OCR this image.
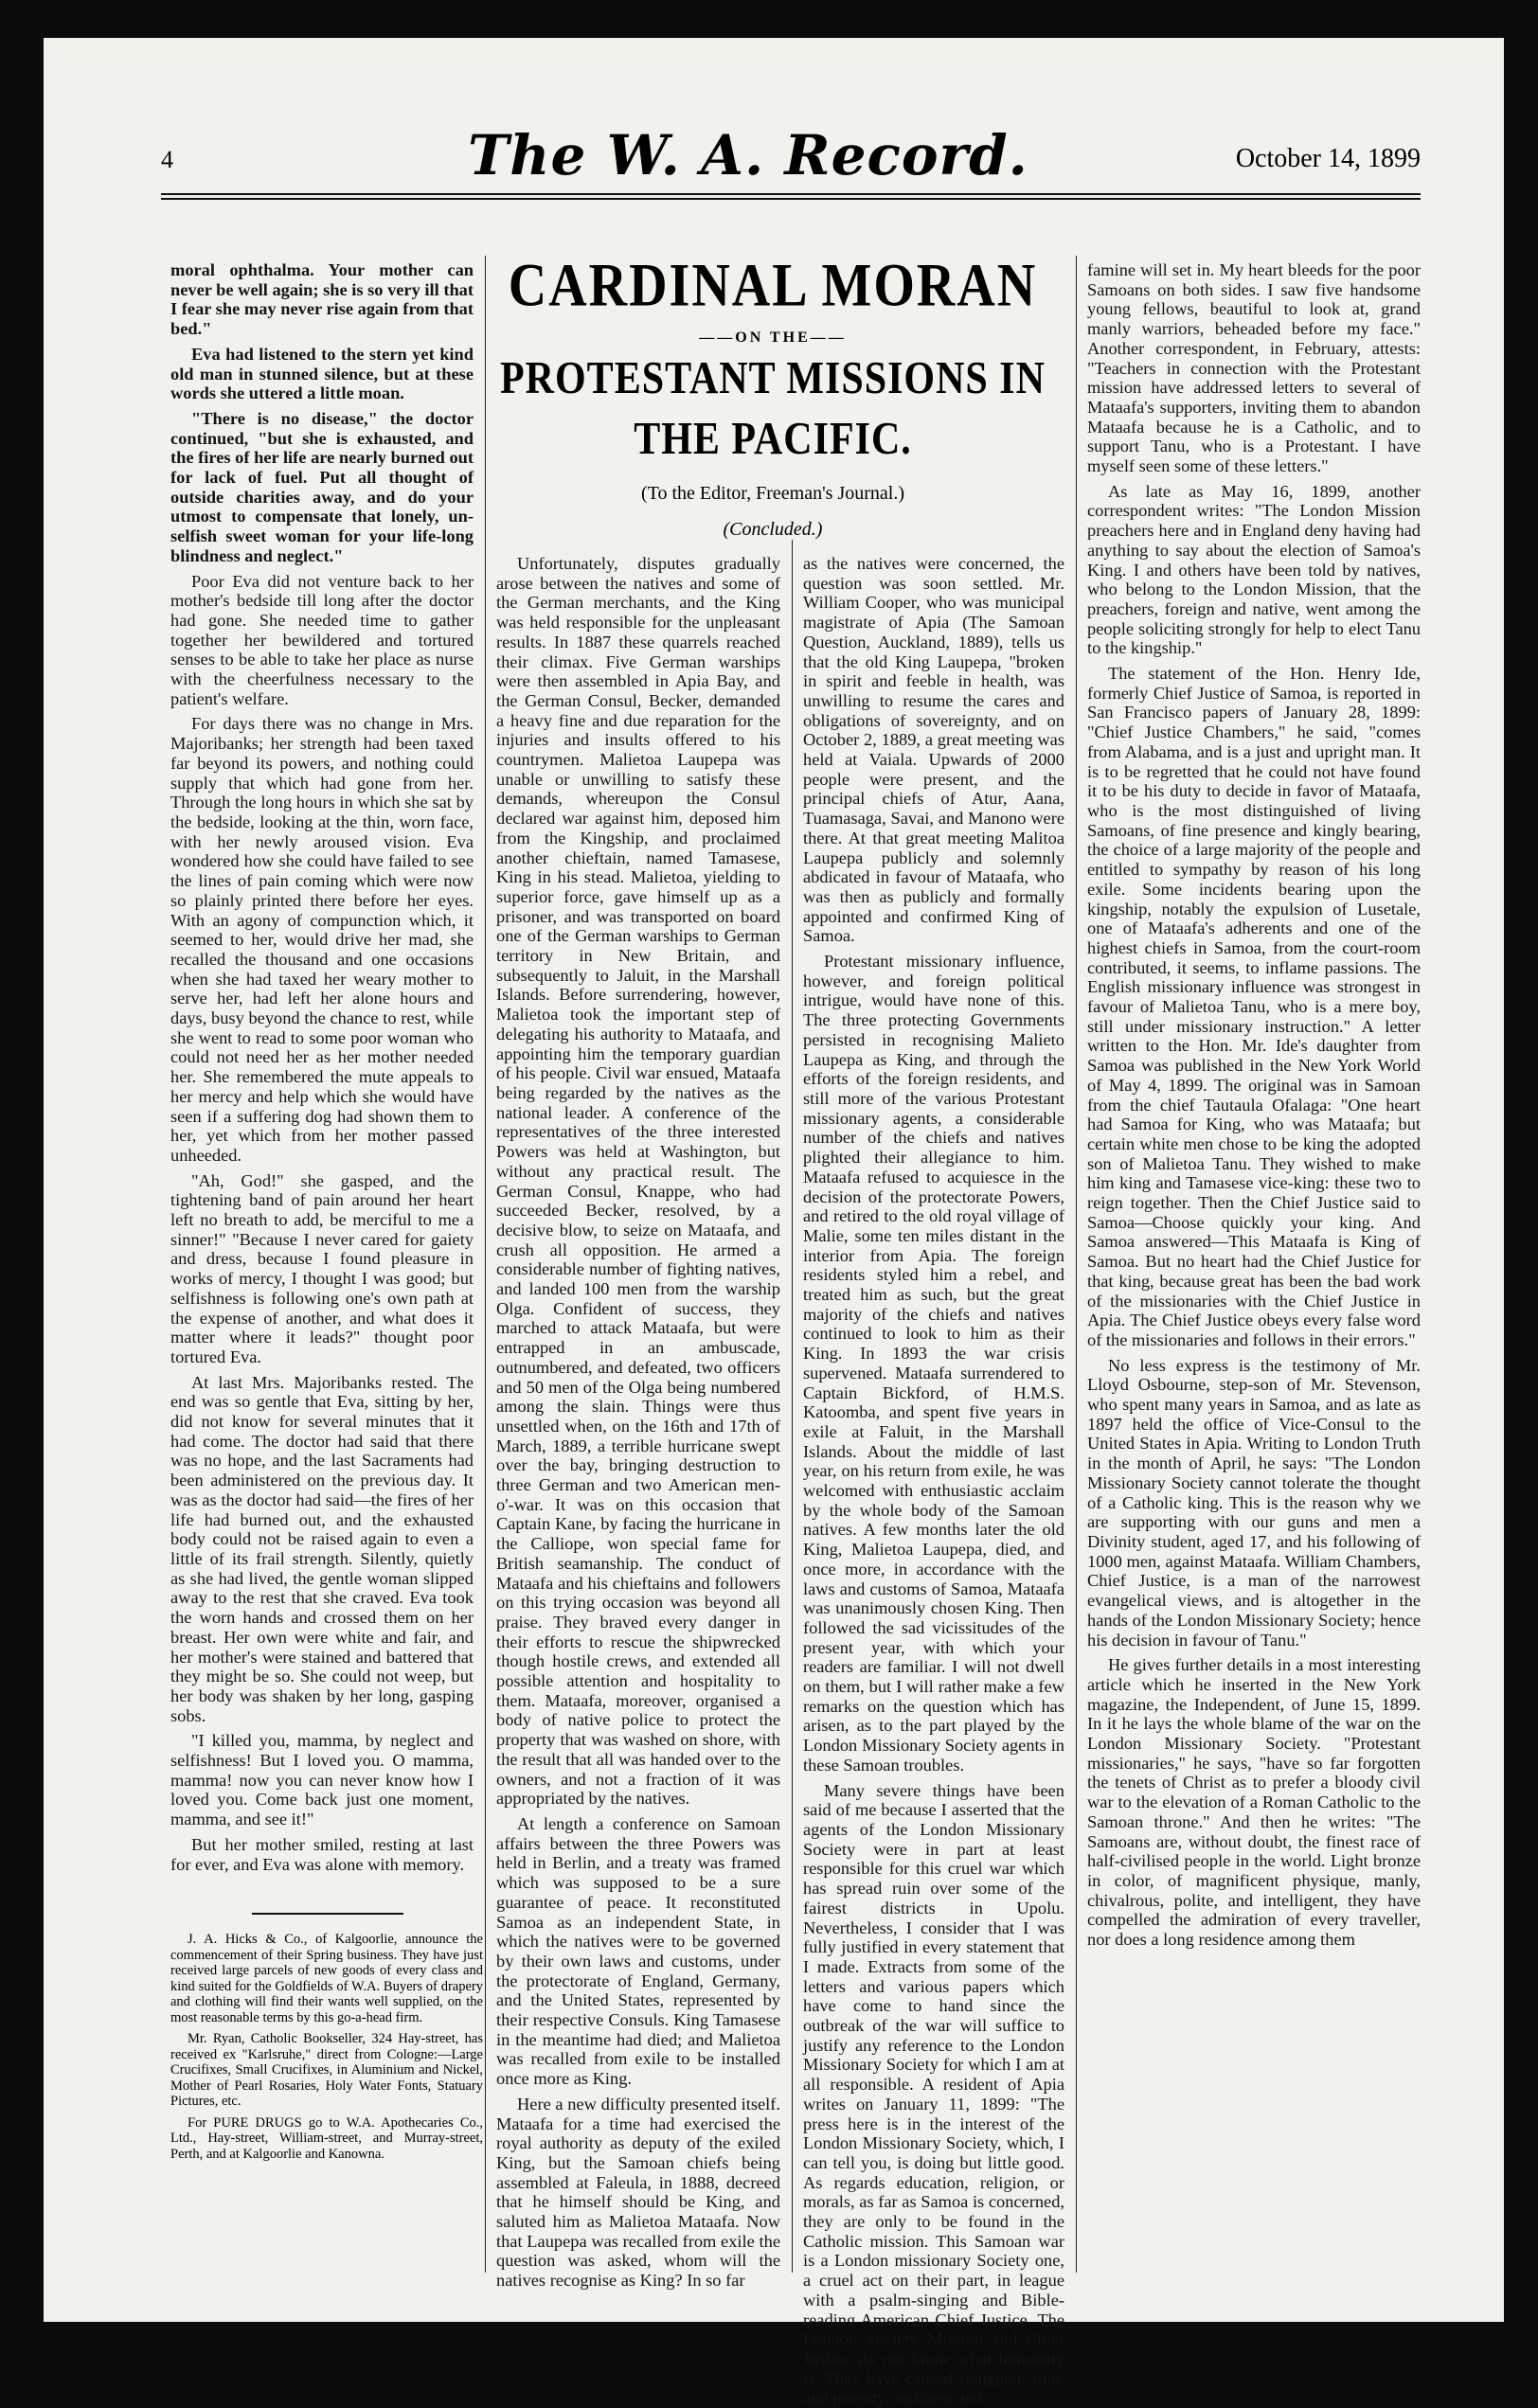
4	The W. A. Record.	October 14, 1899
CARDINAL MORAN
——ON THE——
PROTESTANT MISSIONS IN THE PACIFIC.
(To the Editor, Freeman's Journal.)
(Concluded.)

moral ophthalma. Your mother can never be well again; she is so very ill that I fear she may never rise again from that bed."

Eva had listened to the stern yet kind old man in stunned silence, but at these words she uttered a little moan.

"There is no disease," the doctor continued, "but she is exhausted, and the fires of her life are nearly burned out for lack of fuel. Put all thought of outside charities away, and do your utmost to compensate that lonely, un-selfish sweet woman for your life-long blindness and neglect."

Poor Eva did not venture back to her mother's bedside till long after the doctor had gone. She needed time to gather together her bewildered and tortured senses to be able to take her place as nurse with the cheerfulness necessary to the patient's welfare.

For days there was no change in Mrs. Majoribanks; her strength had been taxed far beyond its powers, and nothing could supply that which had gone from her. Through the long hours in which she sat by the bedside, looking at the thin, worn face, with her newly aroused vision. Eva wondered how she could have failed to see the lines of pain coming which were now so plainly printed there before her eyes. With an agony of compunction which, it seemed to her, would drive her mad, she recalled the thousand and one occasions when she had taxed her weary mother to serve her, had left her alone hours and days, busy beyond the chance to rest, while she went to read to some poor woman who could not need her as her mother needed her. She remembered the mute appeals to her mercy and help which she would have seen if a suffering dog had shown them to her, yet which from her mother passed unheeded.

"Ah, God!" she gasped, and the tightening band of pain around her heart left no breath to add, be merciful to me a sinner!" "Because I never cared for gaiety and dress, because I found pleasure in works of mercy, I thought I was good; but selfishness is following one's own path at the expense of another, and what does it matter where it leads?" thought poor tortured Eva.

At last Mrs. Majoribanks rested. The end was so gentle that Eva, sitting by her, did not know for several minutes that it had come. The doctor had said that there was no hope, and the last Sacraments had been administered on the previous day. It was as the doctor had said—the fires of her life had burned out, and the exhausted body could not be raised again to even a little of its frail strength. Silently, quietly as she had lived, the gentle woman slipped away to the rest that she craved. Eva took the worn hands and crossed them on her breast. Her own were white and fair, and her mother's were stained and battered that they might be so. She could not weep, but her body was shaken by her long, gasping sobs.

"I killed you, mamma, by neglect and selfishness! But I loved you. O mamma, mamma! now you can never know how I loved you. Come back just one moment, mamma, and see it!"

But her mother smiled, resting at last for ever, and Eva was alone with memory.

J. A. Hicks & Co., of Kalgoorlie, announce the commencement of their Spring business. They have just received large parcels of new goods of every class and kind suited for the Goldfields of W.A. Buyers of drapery and clothing will find their wants well supplied, on the most reasonable terms by this go-a-head firm.

Mr. Ryan, Catholic Bookseller, 324 Hay-street, has received ex "Karlsruhe," direct from Cologne:—Large Crucifixes, Small Crucifixes, in Aluminium and Nickel, Mother of Pearl Rosaries, Holy Water Fonts, Statuary Pictures, etc.

For PURE DRUGS go to W.A. Apothecaries Co., Ltd., Hay-street, William-street, and Murray-street, Perth, and at Kalgoorlie and Kanowna.

Unfortunately, disputes gradually arose between the natives and some of the German merchants, and the King was held responsible for the unpleasant results. In 1887 these quarrels reached their climax. Five German warships were then assembled in Apia Bay, and the German Consul, Becker, demanded a heavy fine and due reparation for the injuries and insults offered to his countrymen. Malietoa Laupepa was unable or unwilling to satisfy these demands, whereupon the Consul declared war against him, deposed him from the Kingship, and proclaimed another chieftain, named Tamasese, King in his stead. Malietoa, yielding to superior force, gave himself up as a prisoner, and was transported on board one of the German warships to German territory in New Britain, and subsequently to Jaluit, in the Marshall Islands. Before surrendering, however, Malietoa took the important step of delegating his authority to Mataafa, and appointing him the temporary guardian of his people. Civil war ensued, Mataafa being regarded by the natives as the national leader. A conference of the representatives of the three interested Powers was held at Washington, but without any practical result. The German Consul, Knappe, who had succeeded Becker, resolved, by a decisive blow, to seize on Mataafa, and crush all opposition. He armed a considerable number of fighting natives, and landed 100 men from the warship Olga. Confident of success, they marched to attack Mataafa, but were entrapped in an ambuscade, outnumbered, and defeated, two officers and 50 men of the Olga being numbered among the slain. Things were thus unsettled when, on the 16th and 17th of March, 1889, a terrible hurricane swept over the bay, bringing destruction to three German and two American men-o'-war. It was on this occasion that Captain Kane, by facing the hurricane in the Calliope, won special fame for British seamanship. The conduct of Mataafa and his chieftains and followers on this trying occasion was beyond all praise. They braved every danger in their efforts to rescue the shipwrecked though hostile crews, and extended all possible attention and hospitality to them. Mataafa, moreover, organised a body of native police to protect the property that was washed on shore, with the result that all was handed over to the owners, and not a fraction of it was appropriated by the natives.

At length a conference on Samoan affairs between the three Powers was held in Berlin, and a treaty was framed which was supposed to be a sure guarantee of peace. It reconstituted Samoa as an independent State, in which the natives were to be governed by their own laws and customs, under the protectorate of England, Germany, and the United States, represented by their respective Consuls. King Tamasese in the meantime had died; and Malietoa was recalled from exile to be installed once more as King.

Here a new difficulty presented itself. Mataafa for a time had exercised the royal authority as deputy of the exiled King, but the Samoan chiefs being assembled at Faleula, in 1888, decreed that he himself should be King, and saluted him as Malietoa Mataafa. Now that Laupepa was recalled from exile the question was asked, whom will the natives recognise as King? In so far

as the natives were concerned, the question was soon settled. Mr. William Cooper, who was municipal magistrate of Apia (The Samoan Question, Auckland, 1889), tells us that the old King Laupepa, "broken in spirit and feeble in health, was unwilling to resume the cares and obligations of sovereignty, and on October 2, 1889, a great meeting was held at Vaiala. Upwards of 2000 people were present, and the principal chiefs of Atur, Aana, Tuamasaga, Savai, and Manono were there. At that great meeting Malitoa Laupepa publicly and solemnly abdicated in favour of Mataafa, who was then as publicly and formally appointed and confirmed King of Samoa.

Protestant missionary influence, however, and foreign political intrigue, would have none of this. The three protecting Governments persisted in recognising Malieto Laupepa as King, and through the efforts of the foreign residents, and still more of the various Protestant missionary agents, a considerable number of the chiefs and natives plighted their allegiance to him. Mataafa refused to acquiesce in the decision of the protectorate Powers, and retired to the old royal village of Malie, some ten miles distant in the interior from Apia. The foreign residents styled him a rebel, and treated him as such, but the great majority of the chiefs and natives continued to look to him as their King. In 1893 the war crisis supervened. Mataafa surrendered to Captain Bickford, of H.M.S. Katoomba, and spent five years in exile at Faluit, in the Marshall Islands. About the middle of last year, on his return from exile, he was welcomed with enthusiastic acclaim by the whole body of the Samoan natives. A few months later the old King, Malietoa Laupepa, died, and once more, in accordance with the laws and customs of Samoa, Mataafa was unanimously chosen King. Then followed the sad vicissitudes of the present year, with which your readers are familiar. I will not dwell on them, but I will rather make a few remarks on the question which has arisen, as to the part played by the London Missionary Society agents in these Samoan troubles.

Many severe things have been said of me because I asserted that the agents of the London Missionary Society were in part at least responsible for this cruel war which has spread ruin over some of the fairest districts in Upolu. Nevertheless, I consider that I was fully justified in every statement that I made. Extracts from some of the letters and various papers which have come to hand since the outbreak of the war will suffice to justify any reference to the London Missionary Society for which I am at all responsible. A resident of Apia writes on January 11, 1899: "The press here is in the interest of the London Missionary Society, which, I can tell you, is doing but little good. As regards education, religion, or morals, as far as Samoa is concerned, they are only to be found in the Catholic mission. This Samoan war is a London missionary Society one, a cruel act on their part, in league with a psalm-singing and Bible-reading American Chief Justice. The London Society Mission and Chief Justice do not know what humanity is. They have caused slaughter, ruin, and poverty; sickness and

famine will set in. My heart bleeds for the poor Samoans on both sides. I saw five handsome young fellows, beautiful to look at, grand manly warriors, beheaded before my face." Another correspondent, in February, attests: "Teachers in connection with the Protestant mission have addressed letters to several of Mataafa's supporters, inviting them to abandon Mataafa because he is a Catholic, and to support Tanu, who is a Protestant. I have myself seen some of these letters."

As late as May 16, 1899, another correspondent writes: "The London Mission preachers here and in England deny having had anything to say about the election of Samoa's King. I and others have been told by natives, who belong to the London Mission, that the preachers, foreign and native, went among the people soliciting strongly for help to elect Tanu to the kingship."

The statement of the Hon. Henry Ide, formerly Chief Justice of Samoa, is reported in San Francisco papers of January 28, 1899: "Chief Justice Chambers," he said, "comes from Alabama, and is a just and upright man. It is to be regretted that he could not have found it to be his duty to decide in favor of Mataafa, who is the most distinguished of living Samoans, of fine presence and kingly bearing, the choice of a large majority of the people and entitled to sympathy by reason of his long exile. Some incidents bearing upon the kingship, notably the expulsion of Lusetale, one of Mataafa's adherents and one of the highest chiefs in Samoa, from the court-room contributed, it seems, to inflame passions. The English missionary influence was strongest in favour of Malietoa Tanu, who is a mere boy, still under missionary instruction." A letter written to the Hon. Mr. Ide's daughter from Samoa was published in the New York World of May 4, 1899. The original was in Samoan from the chief Tautaula Ofalaga: "One heart had Samoa for King, who was Mataafa; but certain white men chose to be king the adopted son of Malietoa Tanu. They wished to make him king and Tamasese vice-king: these two to reign together. Then the Chief Justice said to Samoa—Choose quickly your king. And Samoa answered—This Mataafa is King of Samoa. But no heart had the Chief Justice for that king, because great has been the bad work of the missionaries with the Chief Justice in Apia. The Chief Justice obeys every false word of the missionaries and follows in their errors."

No less express is the testimony of Mr. Lloyd Osbourne, step-son of Mr. Stevenson, who spent many years in Samoa, and as late as 1897 held the office of Vice-Consul to the United States in Apia. Writing to London Truth in the month of April, he says: "The London Missionary Society cannot tolerate the thought of a Catholic king. This is the reason why we are supporting with our guns and men a Divinity student, aged 17, and his following of 1000 men, against Mataafa. William Chambers, Chief Justice, is a man of the narrowest evangelical views, and is altogether in the hands of the London Missionary Society; hence his decision in favour of Tanu."

He gives further details in a most interesting article which he inserted in the New York magazine, the Independent, of June 15, 1899. In it he lays the whole blame of the war on the London Missionary Society. "Protestant missionaries," he says, "have so far forgotten the tenets of Christ as to prefer a bloody civil war to the elevation of a Roman Catholic to the Samoan throne." And then he writes: "The Samoans are, without doubt, the finest race of half-civilised people in the world. Light bronze in color, of magnificent physique, manly, chivalrous, polite, and intelligent, they have compelled the admiration of every traveller, nor does a long residence among them
